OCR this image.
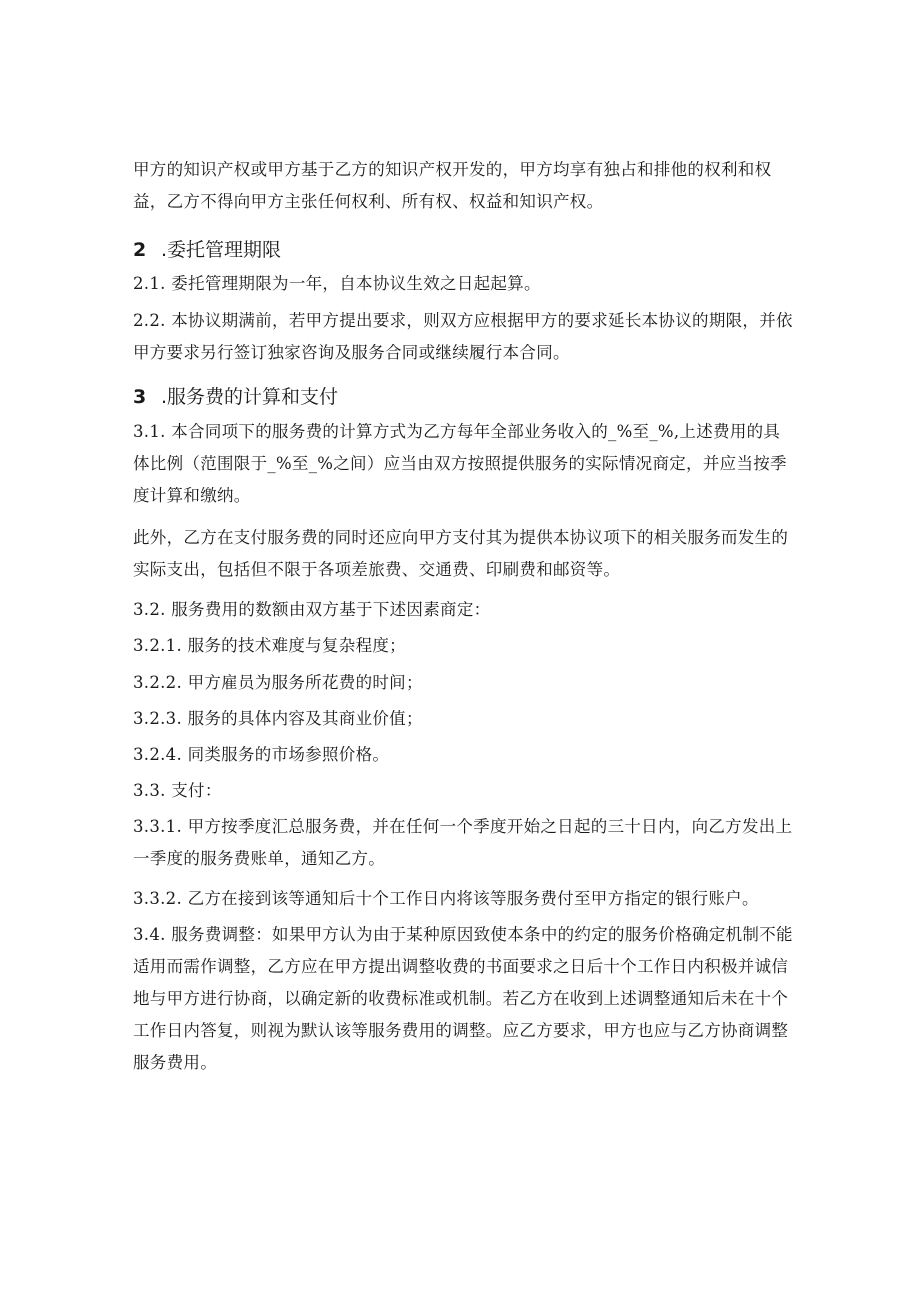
甲方的知识产权或甲方基于乙方的知识产权开发的，甲方均享有独占和排他的权利和权益，乙方不得向甲方主张任何权利、所有权、权益和知识产权。

2 .委托管理期限

2.1. 委托管理期限为一年，自本协议生效之日起起算。

2.2. 本协议期满前，若甲方提出要求，则双方应根据甲方的要求延长本协议的期限，并依甲方要求另行签订独家咨询及服务合同或继续履行本合同。

3 .服务费的计算和支付

3.1. 本合同项下的服务费的计算方式为乙方每年全部业务收入的_%至_%,上述费用的具体比例（范围限于_%至_%之间）应当由双方按照提供服务的实际情况商定，并应当按季度计算和缴纳。

此外，乙方在支付服务费的同时还应向甲方支付其为提供本协议项下的相关服务而发生的实际支出，包括但不限于各项差旅费、交通费、印刷费和邮资等。

3.2. 服务费用的数额由双方基于下述因素商定：

3.2.1. 服务的技术难度与复杂程度；

3.2.2. 甲方雇员为服务所花费的时间；

3.2.3. 服务的具体内容及其商业价值；

3.2.4. 同类服务的市场参照价格。

3.3. 支付：

3.3.1. 甲方按季度汇总服务费，并在任何一个季度开始之日起的三十日内，向乙方发出上一季度的服务费账单，通知乙方。

3.3.2. 乙方在接到该等通知后十个工作日内将该等服务费付至甲方指定的银行账户。

3.4. 服务费调整：如果甲方认为由于某种原因致使本条中的约定的服务价格确定机制不能适用而需作调整，乙方应在甲方提出调整收费的书面要求之日后十个工作日内积极并诚信地与甲方进行协商，以确定新的收费标准或机制。若乙方在收到上述调整通知后未在十个工作日内答复，则视为默认该等服务费用的调整。应乙方要求，甲方也应与乙方协商调整服务费用。
